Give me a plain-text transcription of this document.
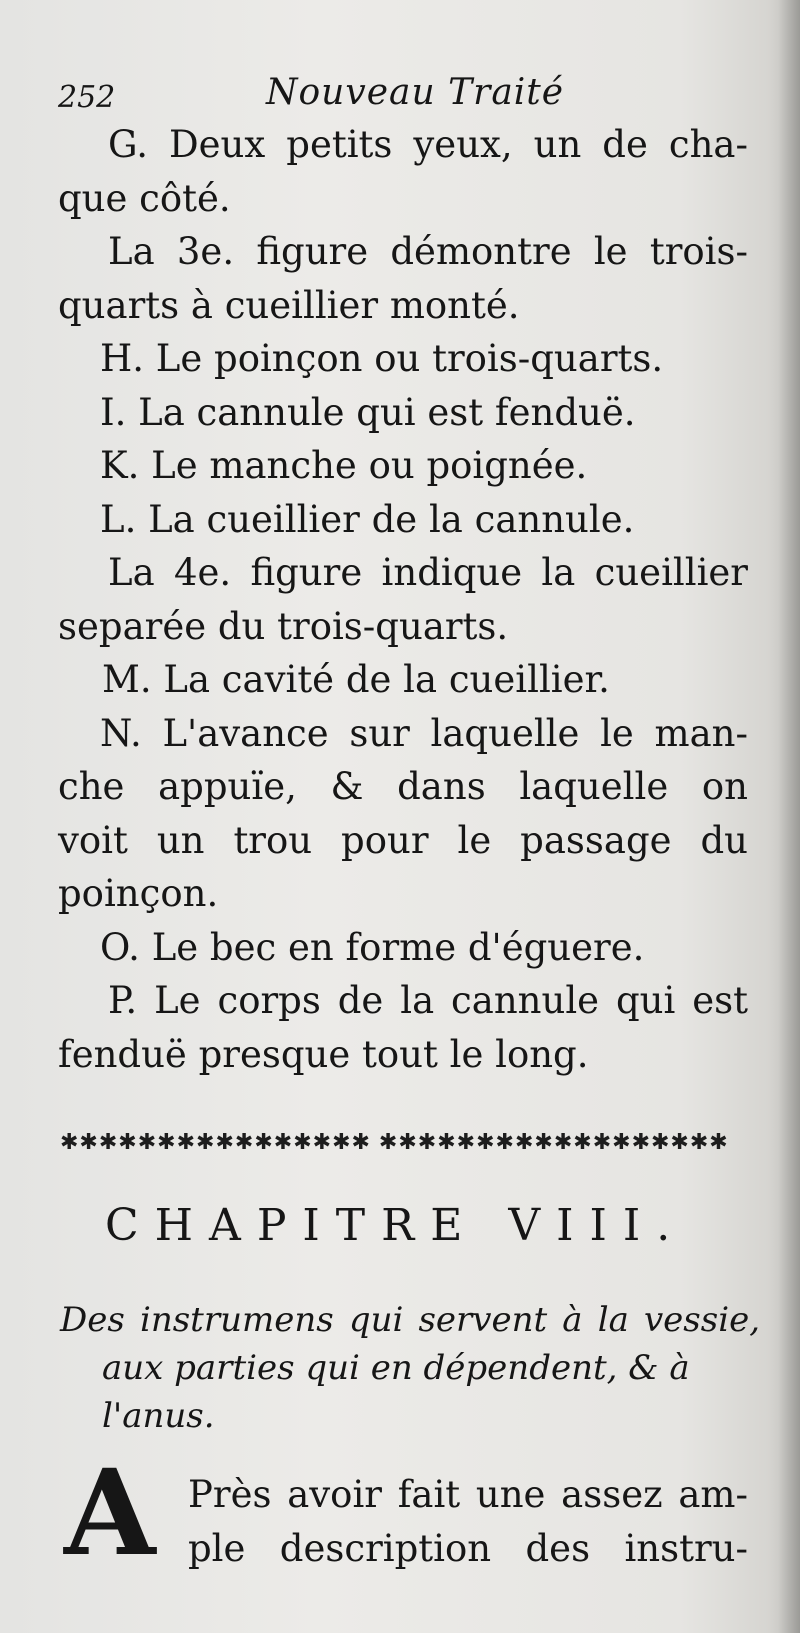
252	Nouveau Traité
G. Deux petits yeux, un de cha-
que côté.
La 3e. figure démontre le trois-
quarts à cueillier monté.
H. Le poinçon ou trois-quarts.
I. La cannule qui est fenduë.
K. Le manche ou poignée.
L. La cueillier de la cannule.
La 4e. figure indique la cueillier
separée du trois-quarts.
M. La cavité de la cueillier.
N. L'avance sur laquelle le man-
che appuïe, & dans laquelle on
voit un trou pour le passage du
poinçon.
O. Le bec en forme d'éguere.
P. Le corps de la cannule qui est
fenduë presque tout le long.
✱✱✱✱✱✱✱✱✱✱✱✱✱✱✱✱ ✱✱✱✱✱✱✱✱✱✱✱✱✱✱✱✱✱✱
CHAPITRE VIII.
Des instrumens qui servent à la vessie,
aux parties qui en dépendent, & à
l'anus.
A Près avoir fait une assez am-
ple description des instru-
